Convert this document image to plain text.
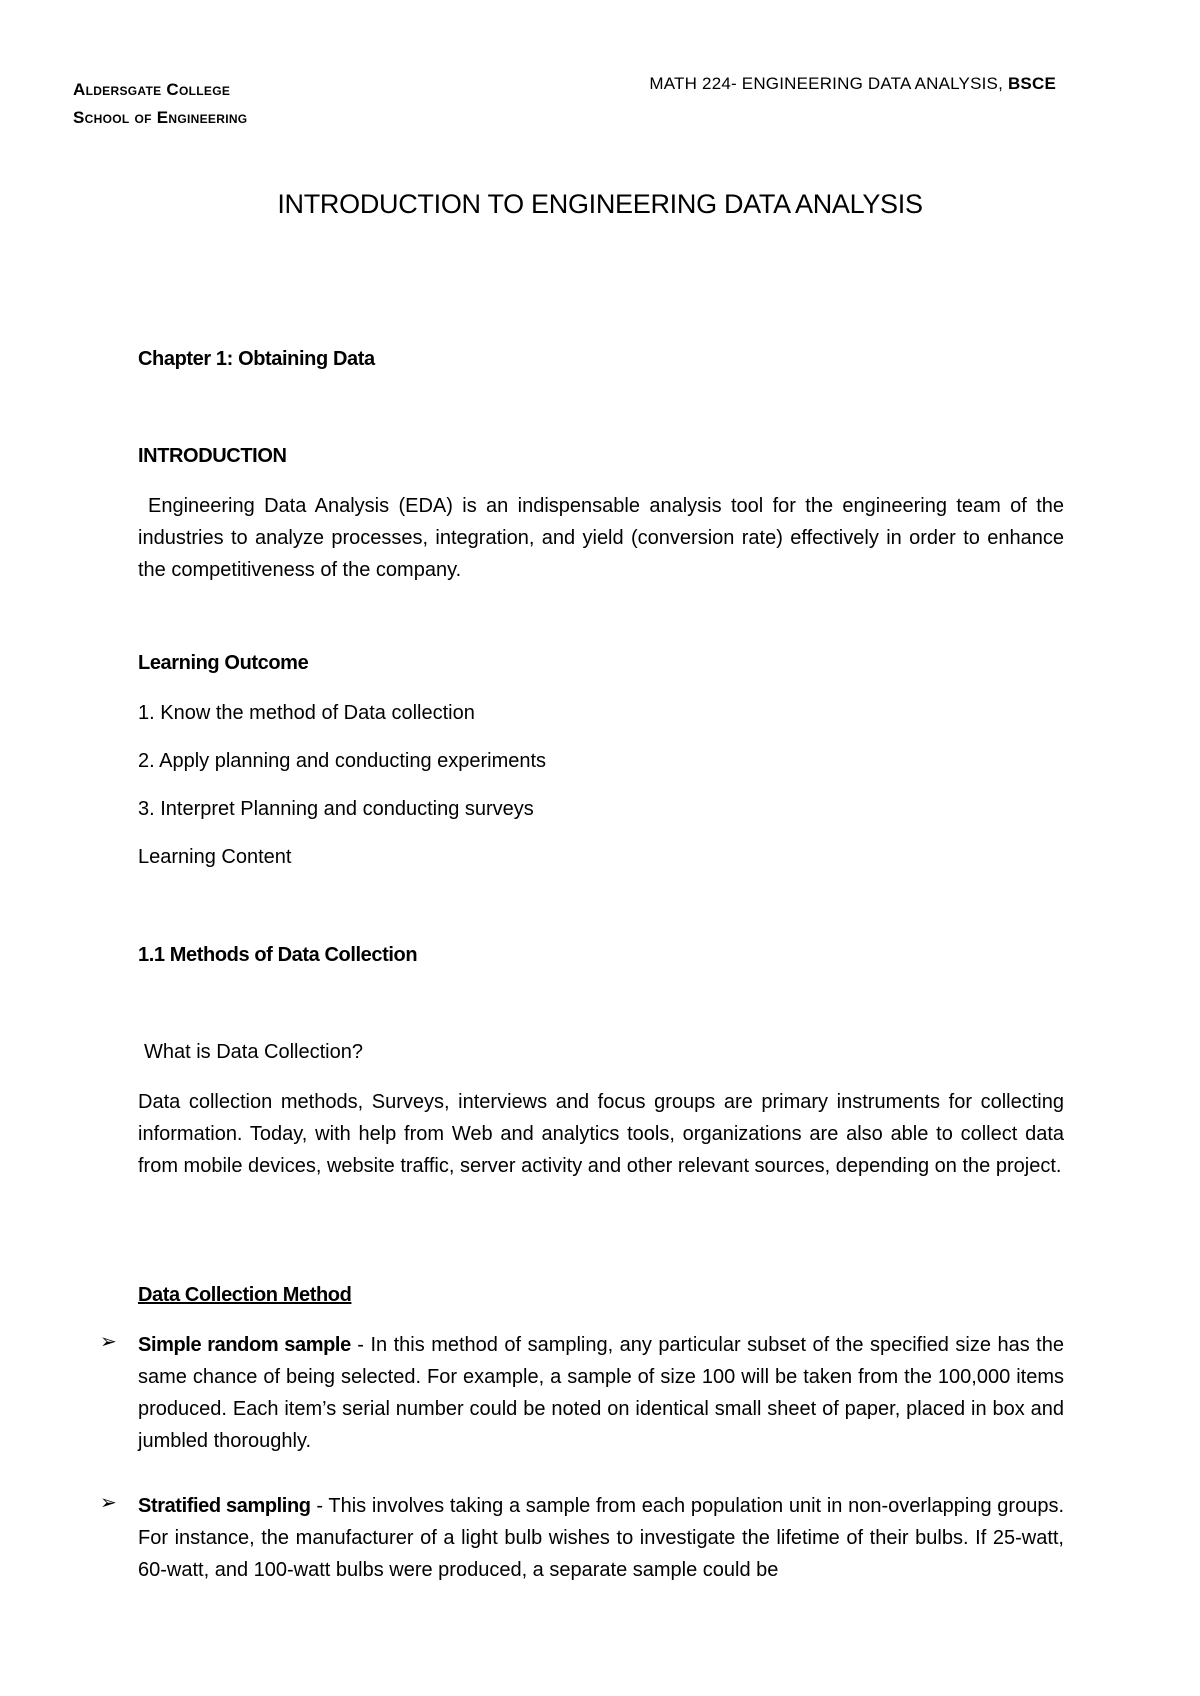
Aldersgate College
School of Engineering
MATH 224- ENGINEERING DATA ANALYSIS, BSCE
INTRODUCTION TO ENGINEERING DATA ANALYSIS
Chapter 1: Obtaining Data
INTRODUCTION
Engineering Data Analysis (EDA) is an indispensable analysis tool for the engineering team of the industries to analyze processes, integration, and yield (conversion rate) effectively in order to enhance the competitiveness of the company.
Learning Outcome

1. Know the method of Data collection

2. Apply planning and conducting experiments

3. Interpret Planning and conducting surveys

Learning Content

1.1 Methods of Data Collection
What is Data Collection?
Data collection methods, Surveys, interviews and focus groups are primary instruments for collecting information. Today, with help from Web and analytics tools, organizations are also able to collect data from mobile devices, website traffic, server activity and other relevant sources, depending on the project.
Data Collection Method
➢ Simple random sample - In this method of sampling, any particular subset of the specified size has the same chance of being selected. For example, a sample of size 100 will be taken from the 100,000 items produced. Each item’s serial number could be noted on identical small sheet of paper, placed in box and jumbled thoroughly.
➢ Stratified sampling - This involves taking a sample from each population unit in non-overlapping groups. For instance, the manufacturer of a light bulb wishes to investigate the lifetime of their bulbs. If 25-watt, 60-watt, and 100-watt bulbs were produced, a separate sample could be
